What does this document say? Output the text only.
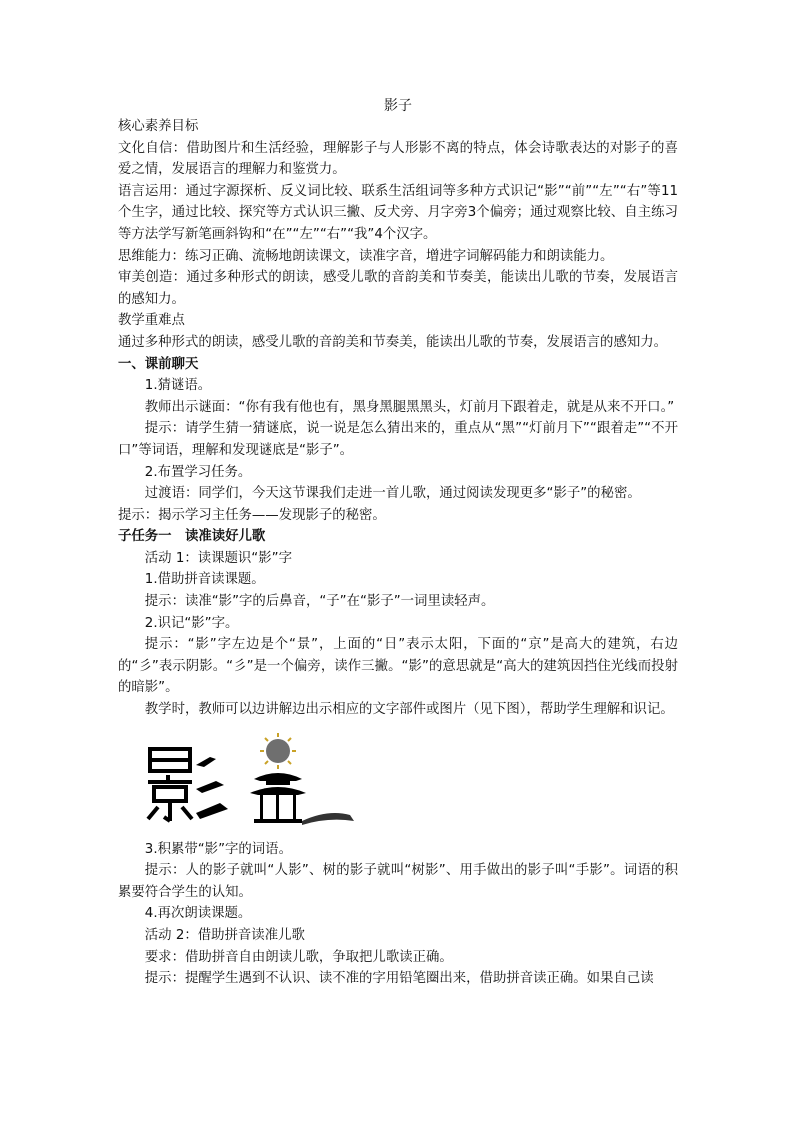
影子

核心素养目标

文化自信：借助图片和生活经验，理解影子与人形影不离的特点，体会诗歌表达的对影子的喜爱之情，发展语言的理解力和鉴赏力。

语言运用：通过字源探析、反义词比较、联系生活组词等多种方式识记“影”“前”“左”“右”等11个生字，通过比较、探究等方式认识三撇、反犬旁、月字旁3个偏旁；通过观察比较、自主练习等方法学写新笔画斜钩和“在”“左”“右”“我”4个汉字。

思维能力：练习正确、流畅地朗读课文，读准字音，增进字词解码能力和朗读能力。

审美创造：通过多种形式的朗读，感受儿歌的音韵美和节奏美，能读出儿歌的节奏，发展语言的感知力。

教学重难点

通过多种形式的朗读，感受儿歌的音韵美和节奏美，能读出儿歌的节奏，发展语言的感知力。

一、课前聊天

1.猜谜语。

教师出示谜面：“你有我有他也有，黑身黑腿黑黑头，灯前月下跟着走，就是从来不开口。”

提示：请学生猜一猜谜底，说一说是怎么猜出来的，重点从“黑”“灯前月下”“跟着走”“不开口”等词语，理解和发现谜底是“影子”。

2.布置学习任务。

过渡语：同学们，今天这节课我们走进一首儿歌，通过阅读发现更多“影子”的秘密。

提示：揭示学习主任务——发现影子的秘密。

子任务一　读准读好儿歌

活动 1：读课题识“影”字

1.借助拼音读课题。

提示：读准“影”字的后鼻音，“子”在“影子”一词里读轻声。

2.识记“影”字。

提示：“影”字左边是个“景”，上面的“日”表示太阳，下面的“京”是高大的建筑，右边的“彡”表示阴影。“彡”是一个偏旁，读作三撇。“影”的意思就是“高大的建筑因挡住光线而投射的暗影”。

教学时，教师可以边讲解边出示相应的文字部件或图片（见下图），帮助学生理解和识记。

3.积累带“影”字的词语。

提示：人的影子就叫“人影”、树的影子就叫“树影”、用手做出的影子叫“手影”。词语的积累要符合学生的认知。

4.再次朗读课题。

活动 2：借助拼音读准儿歌

要求：借助拼音自由朗读儿歌，争取把儿歌读正确。

提示：提醒学生遇到不认识、读不准的字用铅笔圈出来，借助拼音读正确。如果自己读
